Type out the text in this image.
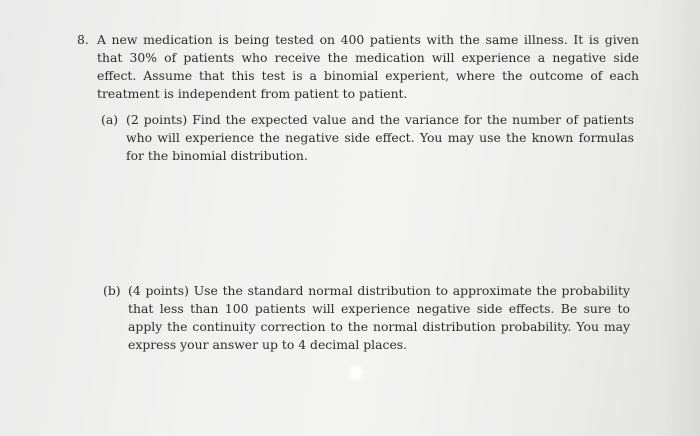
8. A new medication is being tested on 400 patients with the same illness. It is given that 30% of patients who receive the medication will experience a negative side effect. Assume that this test is a binomial experient, where the outcome of each treatment is independent from patient to patient.
(a) (2 points) Find the expected value and the variance for the number of patients who will experience the negative side effect. You may use the known formulas for the binomial distribution.
(b) (4 points) Use the standard normal distribution to approximate the probability that less than 100 patients will experience negative side effects. Be sure to apply the continuity correction to the normal distribution probability. You may express your answer up to 4 decimal places.
